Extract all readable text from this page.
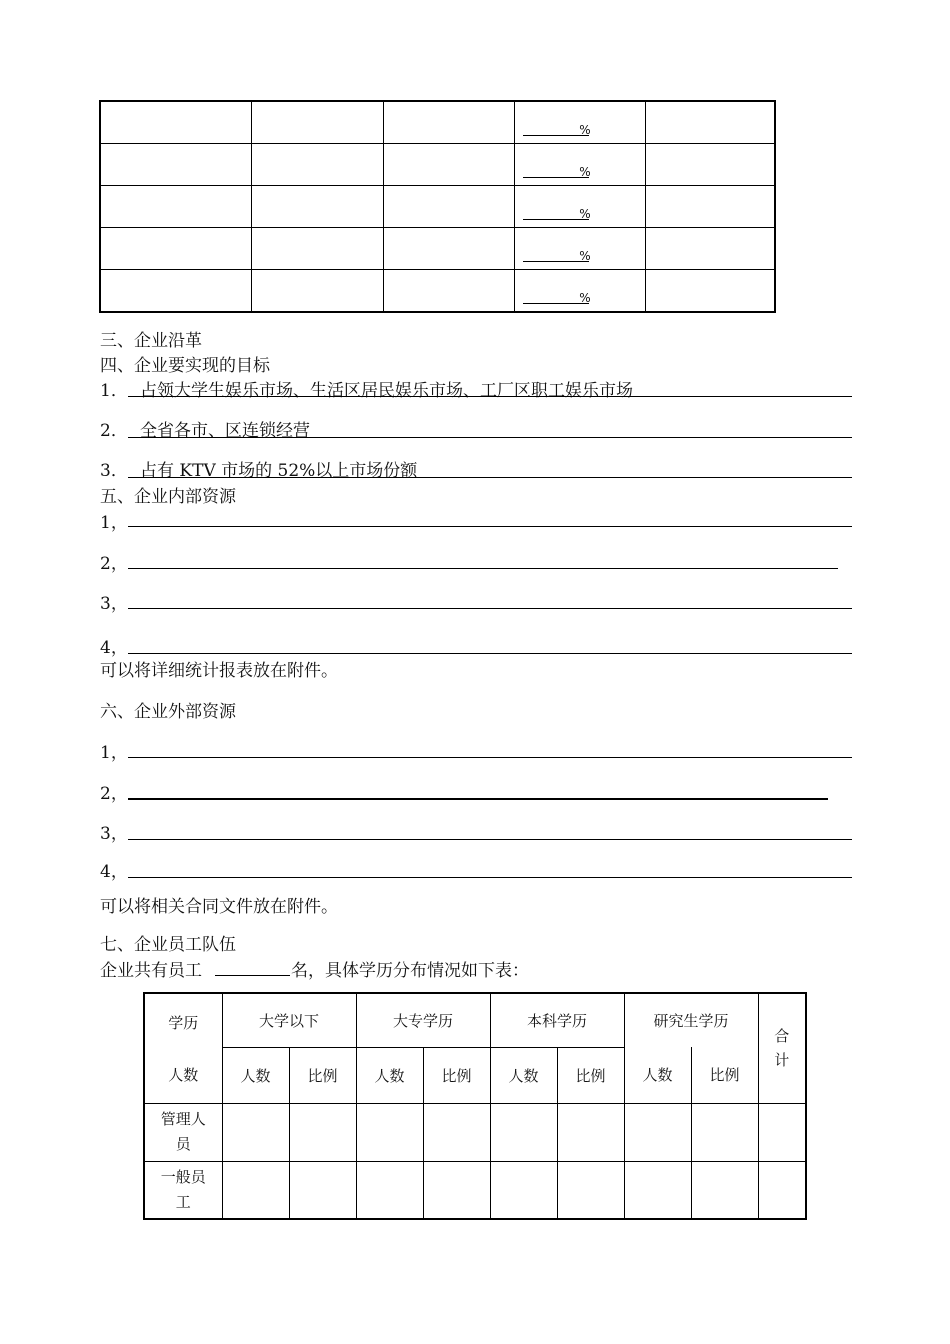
			%	

			%	

			%	

			%	

			%	

三、企业沿革
四、企业要实现的目标
1． 占领大学生娱乐市场、生活区居民娱乐市场、工厂区职工娱乐市场
2． 全省各市、区连锁经营
3． 占有 KTV 市场的 52%以上市场份额
五、企业内部资源
1，
2，
3，
4，
可以将详细统计报表放在附件。
六、企业外部资源
1，
2，
3，
4，
可以将相关合同文件放在附件。
七、企业员工队伍
企业共有员工	名，具体学历分布情况如下表：
学历	大学以下		大专学历		本科学历		研究生学历		合计
人数	人数	比例	人数	比例	人数	比例	人数	比例	
管理人员									
一般员工									
